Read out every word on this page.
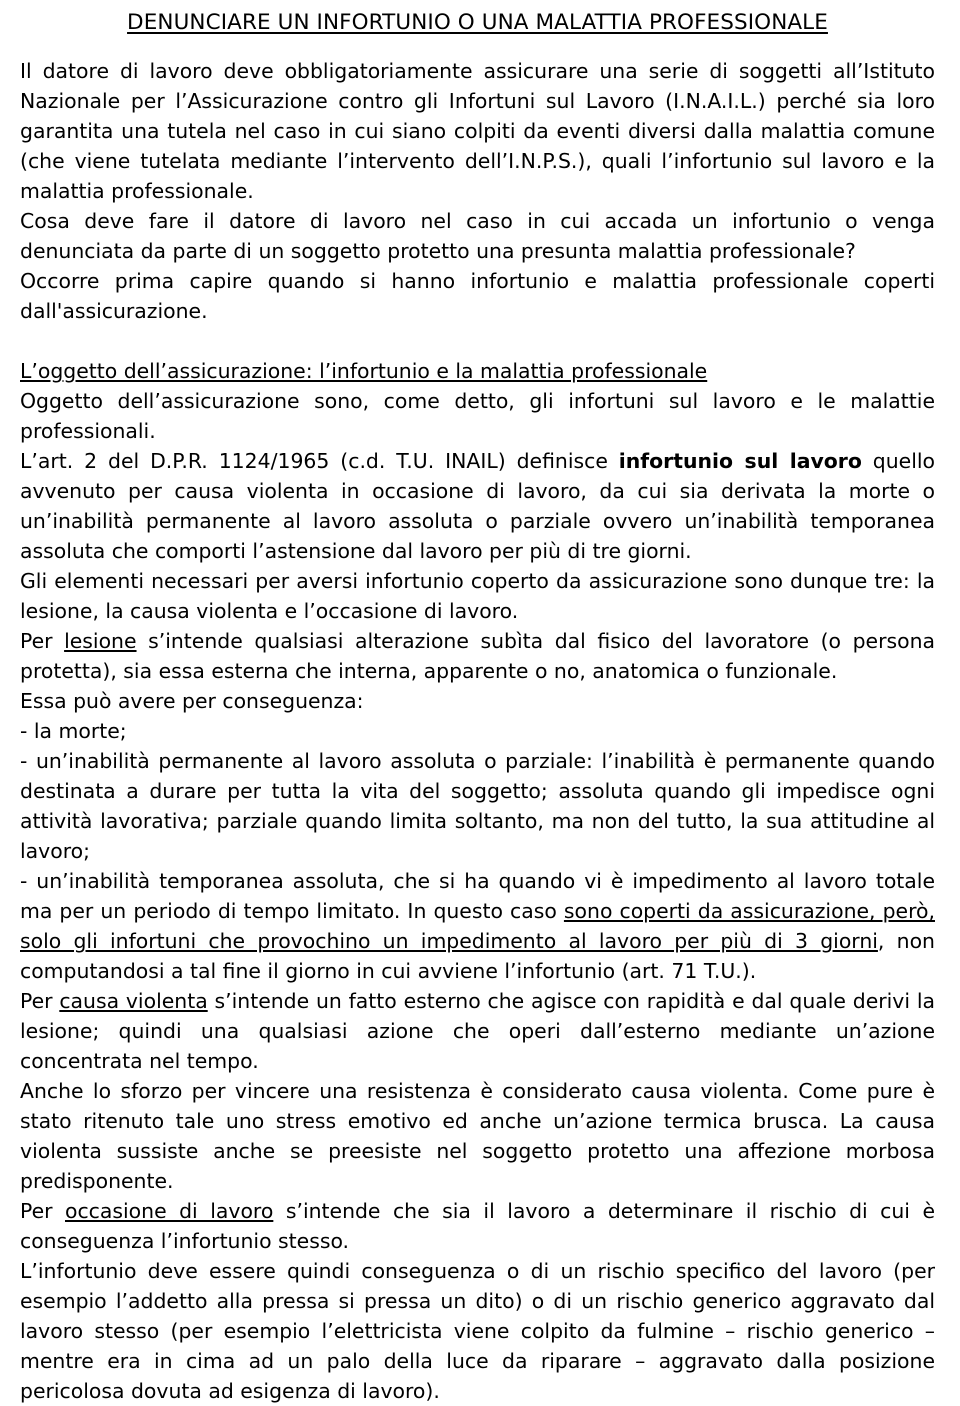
DENUNCIARE UN INFORTUNIO O UNA MALATTIA PROFESSIONALE

Il datore di lavoro deve obbligatoriamente assicurare una serie di soggetti all’Istituto Nazionale per l’Assicurazione contro gli Infortuni sul Lavoro (I.N.A.I.L.) perché sia loro garantita una tutela nel caso in cui siano colpiti da eventi diversi dalla malattia comune (che viene tutelata mediante l’intervento dell’I.N.P.S.), quali l’infortunio sul lavoro e la malattia professionale.

Cosa deve fare il datore di lavoro nel caso in cui accada un infortunio o venga denunciata da parte di un soggetto protetto una presunta malattia professionale?

Occorre prima capire quando si hanno infortunio e malattia professionale coperti dall'assicurazione.

L’oggetto dell’assicurazione: l’infortunio e la malattia professionale

Oggetto dell’assicurazione sono, come detto, gli infortuni sul lavoro e le malattie professionali.

L’art. 2 del D.P.R. 1124/1965 (c.d. T.U. INAIL) definisce infortunio sul lavoro quello avvenuto per causa violenta in occasione di lavoro, da cui sia derivata la morte o un’inabilità permanente al lavoro assoluta o parziale ovvero un’inabilità temporanea assoluta che comporti l’astensione dal lavoro per più di tre giorni.

Gli elementi necessari per aversi infortunio coperto da assicurazione sono dunque tre: la lesione, la causa violenta e l’occasione di lavoro.

Per lesione s’intende qualsiasi alterazione subìta dal fisico del lavoratore (o persona protetta), sia essa esterna che interna, apparente o no, anatomica o funzionale.

Essa può avere per conseguenza:

- la morte;

- un’inabilità permanente al lavoro assoluta o parziale: l’inabilità è permanente quando destinata a durare per tutta la vita del soggetto; assoluta quando gli impedisce ogni attività lavorativa; parziale quando limita soltanto, ma non del tutto, la sua attitudine al lavoro;

- un’inabilità temporanea assoluta, che si ha quando vi è impedimento al lavoro totale ma per un periodo di tempo limitato. In questo caso sono coperti da assicurazione, però, solo gli infortuni che provochino un impedimento al lavoro per più di 3 giorni, non computandosi a tal fine il giorno in cui avviene l’infortunio (art. 71 T.U.).

Per causa violenta s’intende un fatto esterno che agisce con rapidità e dal quale derivi la lesione; quindi una qualsiasi azione che operi dall’esterno mediante un’azione concentrata nel tempo.

Anche lo sforzo per vincere una resistenza è considerato causa violenta. Come pure è stato ritenuto tale uno stress emotivo ed anche un’azione termica brusca. La causa violenta sussiste anche se preesiste nel soggetto protetto una affezione morbosa predisponente.

Per occasione di lavoro s’intende che sia il lavoro a determinare il rischio di cui è conseguenza l’infortunio stesso.

L’infortunio deve essere quindi conseguenza o di un rischio specifico del lavoro (per esempio l’addetto alla pressa si pressa un dito) o di un rischio generico aggravato dal lavoro stesso (per esempio l’elettricista viene colpito da fulmine – rischio generico – mentre era in cima ad un palo della luce da riparare – aggravato dalla posizione pericolosa dovuta ad esigenza di lavoro).
